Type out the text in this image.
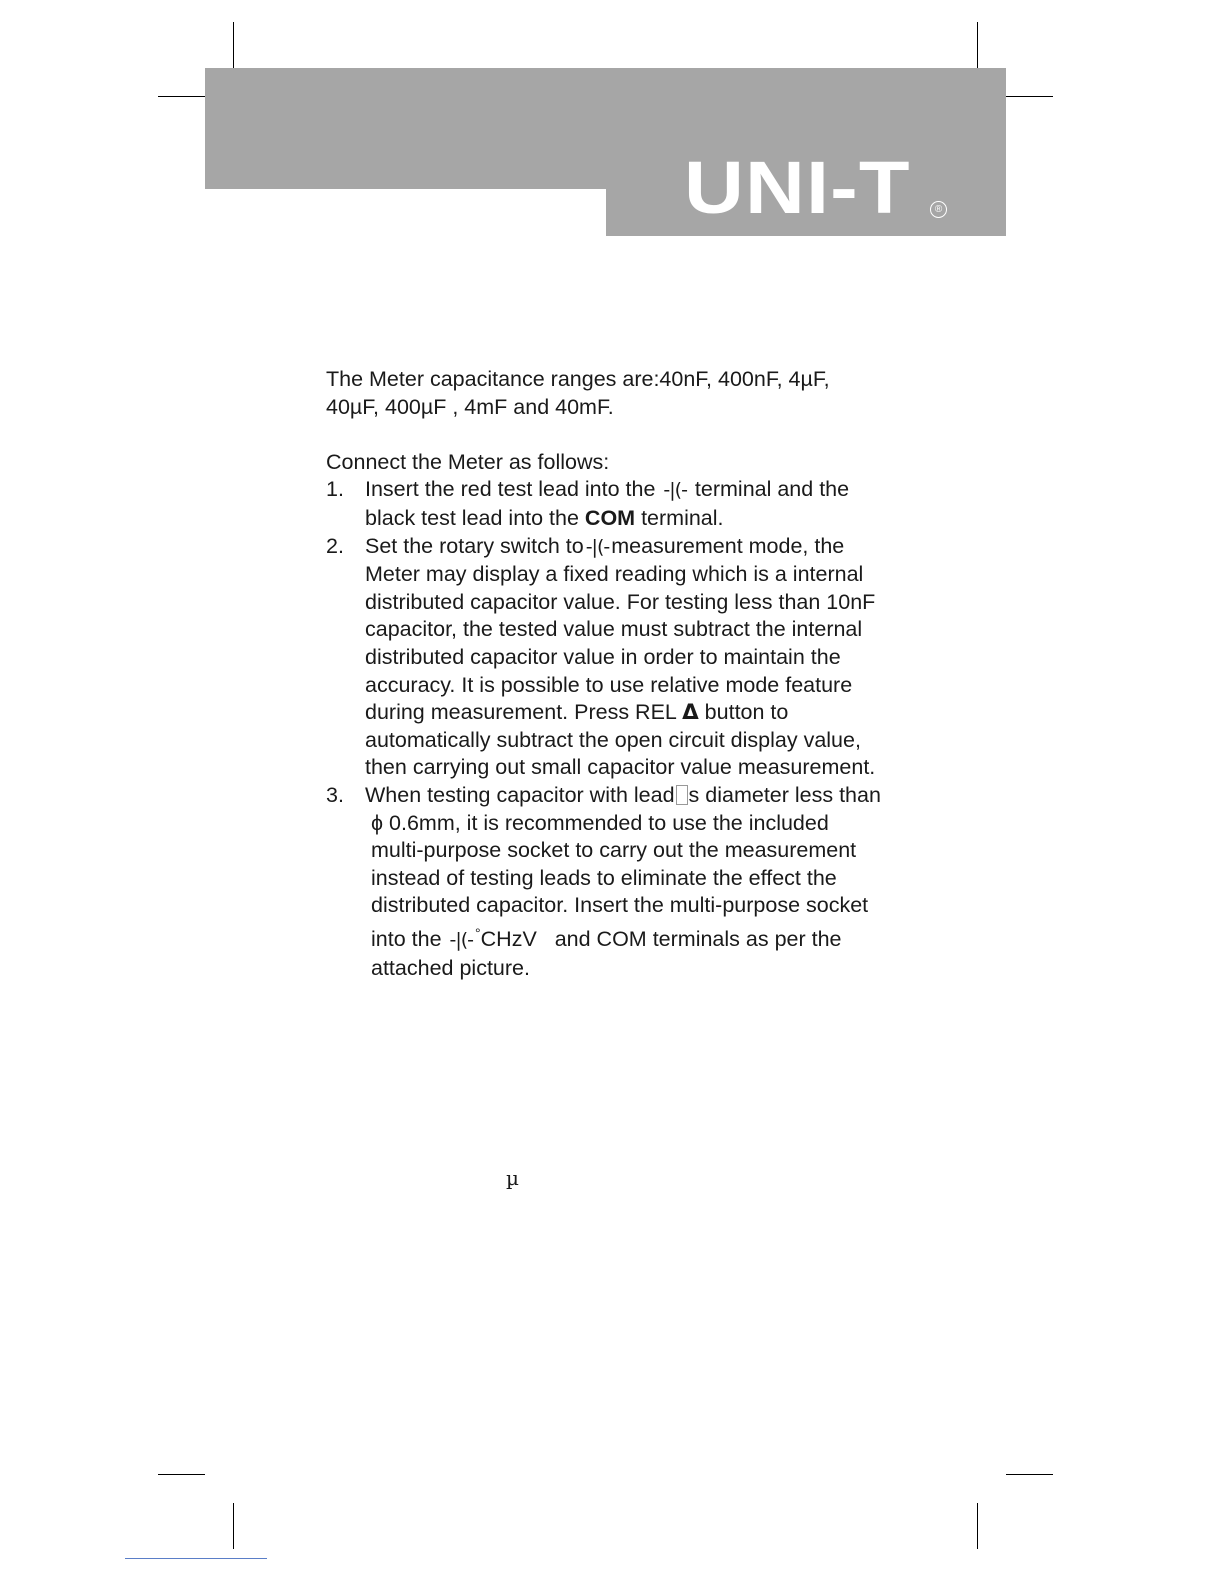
UNI-T	®

The Meter capacitance ranges are:40nF, 400nF, 4µF,
40µF, 400µF , 4mF and 40mF.

Connect the Meter as follows:

1. Insert the red test lead into the -|(- terminal and the
black test lead into the COM terminal.
2. Set the rotary switch to -|(-measurement mode, the
Meter may display a fixed reading which is a internal
distributed capacitor value. For testing less than 10nF
capacitor, the tested value must subtract the internal
distributed capacitor value in order to maintain the
accuracy. It is possible to use relative mode feature
during measurement. Press REL Δ button to
automatically subtract the open circuit display value,
then carrying out small capacitor value measurement.
3. When testing capacitor with lead s diameter less than
ϕ 0.6mm, it is recommended to use the included
multi-purpose socket to carry out the measurement
instead of testing leads to eliminate the effect the
distributed capacitor. Insert the multi-purpose socket
into the -|(- °CHzV   and COM terminals as per the
attached picture.
µ
